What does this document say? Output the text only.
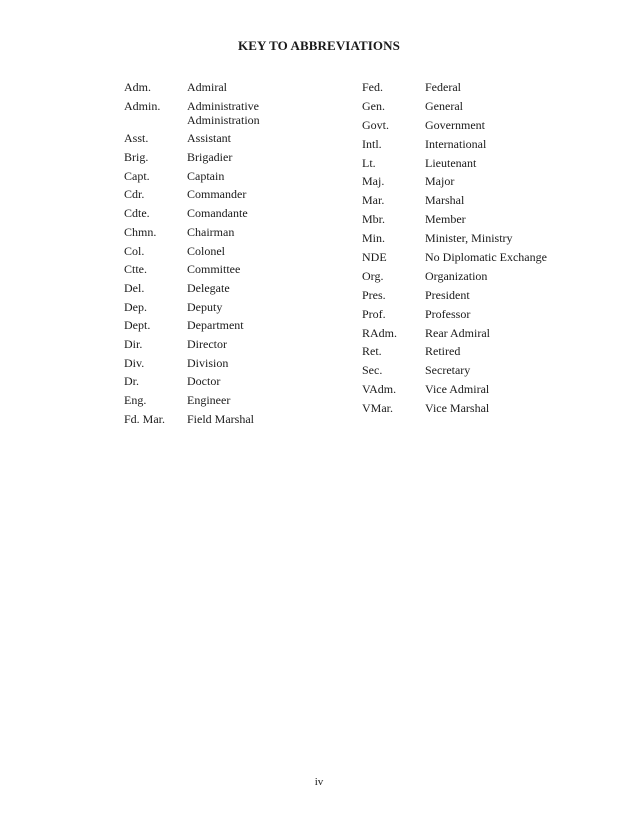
KEY TO ABBREVIATIONS
Adm.	Admiral
Admin.	Administrative
Administration
Asst.	Assistant
Brig.	Brigadier
Capt.	Captain
Cdr.	Commander
Cdte.	Comandante
Chmn.	Chairman
Col.	Colonel
Ctte.	Committee
Del.	Delegate
Dep.	Deputy
Dept.	Department
Dir.	Director
Div.	Division
Dr.	Doctor
Eng.	Engineer
Fd. Mar.	Field Marshal
Fed.	Federal
Gen.	General
Govt.	Government
Intl.	International
Lt.	Lieutenant
Maj.	Major
Mar.	Marshal
Mbr.	Member
Min.	Minister, Ministry
NDE	No Diplomatic Exchange
Org.	Organization
Pres.	President
Prof.	Professor
RAdm.	Rear Admiral
Ret.	Retired
Sec.	Secretary
VAdm.	Vice Admiral
VMar.	Vice Marshal
iv
